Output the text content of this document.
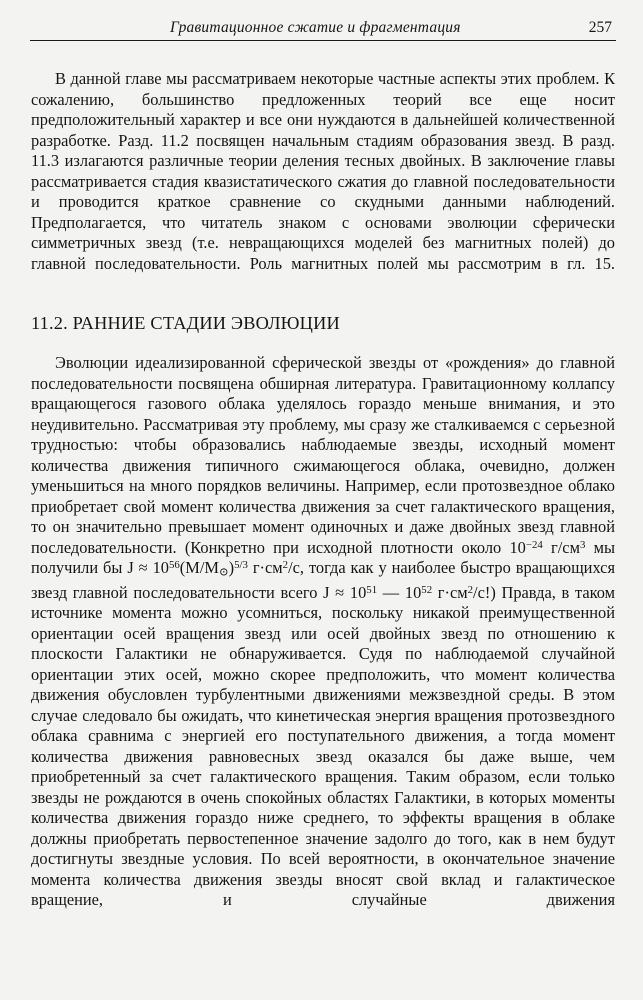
Гравитационное сжатие и фрагментация	257

В данной главе мы рассматриваем некоторые частные аспекты этих проблем. К сожалению, большинство предложенных теорий все еще носит предположительный характер и все они нуждаются в дальнейшей количественной разработке. Разд. 11.2 посвящен начальным стадиям образования звезд. В разд. 11.3 излагаются различные теории деления тесных двойных. В заключение главы рассматривается стадия квазистатического сжатия до главной последовательности и проводится краткое сравнение со скудными данными наблюдений. Предполагается, что читатель знаком с основами эволюции сферически симметричных звезд (т.е. невращающихся моделей без магнитных полей) до главной последовательности. Роль магнитных полей мы рассмотрим в гл. 15.

11.2. РАННИЕ СТАДИИ ЭВОЛЮЦИИ

Эволюции идеализированной сферической звезды от «рождения» до главной последовательности посвящена обширная литература. Гравитационному коллапсу вращающегося газового облака уделялось гораздо меньше внимания, и это неудивительно. Рассматривая эту проблему, мы сразу же сталкиваемся с серьезной трудностью: чтобы образовались наблюдаемые звезды, исходный момент количества движения типичного сжимающегося облака, очевидно, должен уменьшиться на много порядков величины. Например, если протозвездное облако приобретает свой момент количества движения за счет галактического вращения, то он значительно превышает момент одиночных и даже двойных звезд главной последовательности. (Конкретно при исходной плотности около $10^{-24}$ $г/см^3$ мы получили бы $J \approx 10^{56}(M/M⊙)^{5/3}$ $г\cdot см^2/с$, тогда как у наиболее быстро вращающихся звезд главной последовательности всего $J \approx 10^{51}$ — $10^{52}$ $г\cdot см^2/с$!) Правда, в таком источнике момента можно усомниться, поскольку никакой преимущественной ориентации осей вращения звезд или осей двойных звезд по отношению к плоскости Галактики не обнаруживается. Судя по наблюдаемой случайной ориентации этих осей, можно скорее предположить, что момент количества движения обусловлен турбулентными движениями межзвездной среды. В этом случае следовало бы ожидать, что кинетическая энергия вращения протозвездного облака сравнима с энергией его поступательного движения, а тогда момент количества движения равновесных звезд оказался бы даже выше, чем приобретенный за счет галактического вращения. Таким образом, если только звезды не рождаются в очень спокойных областях Галактики, в которых моменты количества движения гораздо ниже среднего, то эффекты вращения в облаке должны приобретать первостепенное значение задолго до того, как в нем будут достигнуты звездные условия. По всей вероятности, в окончательное значение момента количества движения звезды вносят свой вклад и галактическое вращение, и случайные движения
